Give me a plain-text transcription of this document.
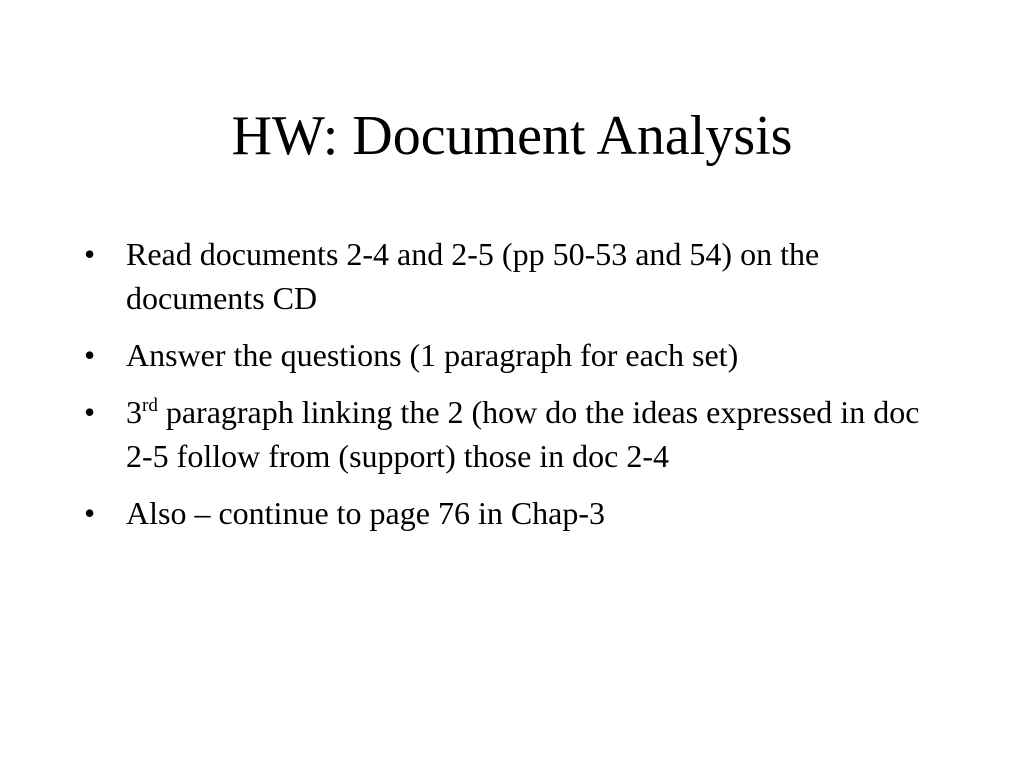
HW: Document Analysis
• Read documents 2-4 and 2-5 (pp 50-53 and 54) on the documents CD
• Answer the questions (1 paragraph for each set)
• 3rd paragraph linking the 2 (how do the ideas expressed in doc 2-5 follow from (support) those in doc 2-4
• Also – continue to page 76 in Chap-3
